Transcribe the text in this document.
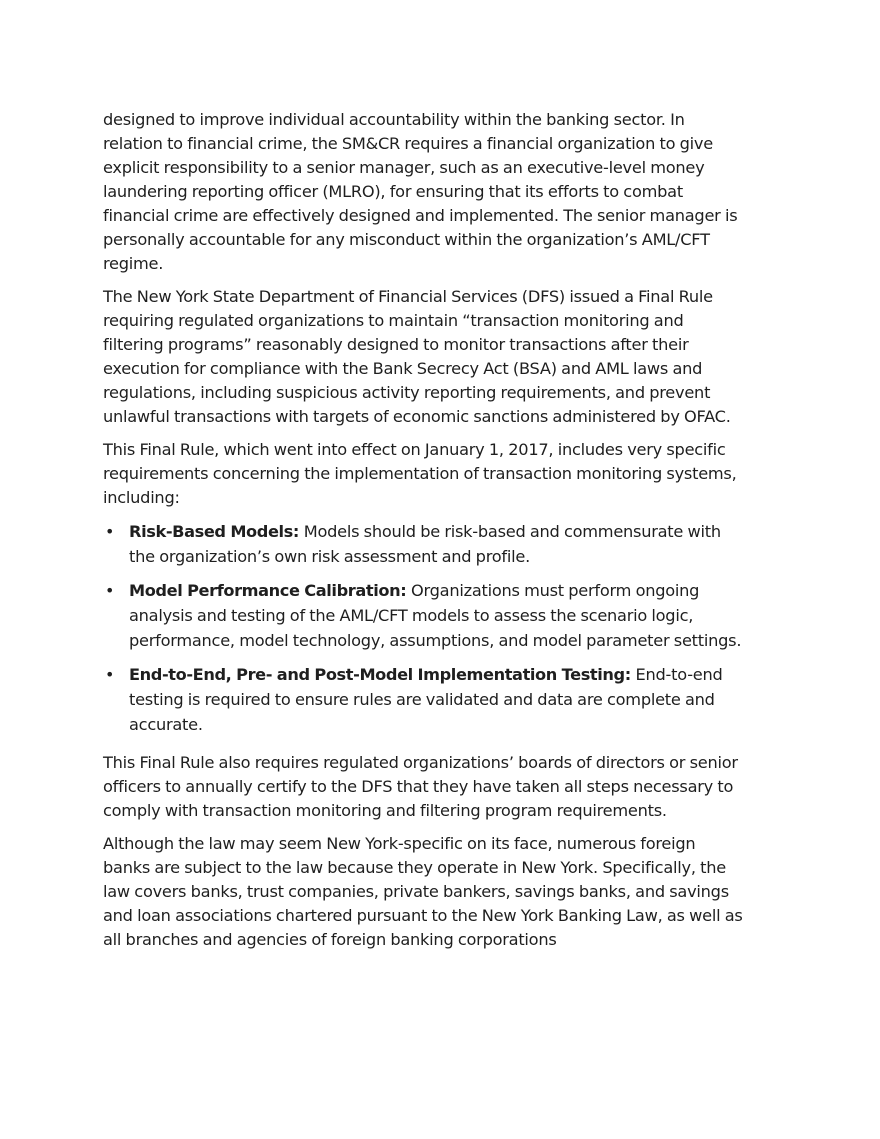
designed to improve individual accountability within the banking sector. In relation to financial crime, the SM&CR requires a financial organization to give explicit responsibility to a senior manager, such as an executive-level money laundering reporting officer (MLRO), for ensuring that its efforts to combat financial crime are effectively designed and implemented. The senior manager is personally accountable for any misconduct within the organization’s AML/CFT regime.

The New York State Department of Financial Services (DFS) issued a Final Rule requiring regulated organizations to maintain “transaction monitoring and filtering programs” reasonably designed to monitor transactions after their execution for compliance with the Bank Secrecy Act (BSA) and AML laws and regulations, including suspicious activity reporting requirements, and prevent unlawful transactions with targets of economic sanctions administered by OFAC.

This Final Rule, which went into effect on January 1, 2017, includes very specific requirements concerning the implementation of transaction monitoring systems, including:

• Risk-Based Models: Models should be risk-based and commensurate with the organization’s own risk assessment and profile.
• Model Performance Calibration: Organizations must perform ongoing analysis and testing of the AML/CFT models to assess the scenario logic, performance, model technology, assumptions, and model parameter settings.
• End-to-End, Pre- and Post-Model Implementation Testing: End-to-end testing is required to ensure rules are validated and data are complete and accurate.

This Final Rule also requires regulated organizations’ boards of directors or senior officers to annually certify to the DFS that they have taken all steps necessary to comply with transaction monitoring and filtering program requirements.

Although the law may seem New York-specific on its face, numerous foreign banks are subject to the law because they operate in New York. Specifically, the law covers banks, trust companies, private bankers, savings banks, and savings and loan associations chartered pursuant to the New York Banking Law, as well as all branches and agencies of foreign banking corporations
